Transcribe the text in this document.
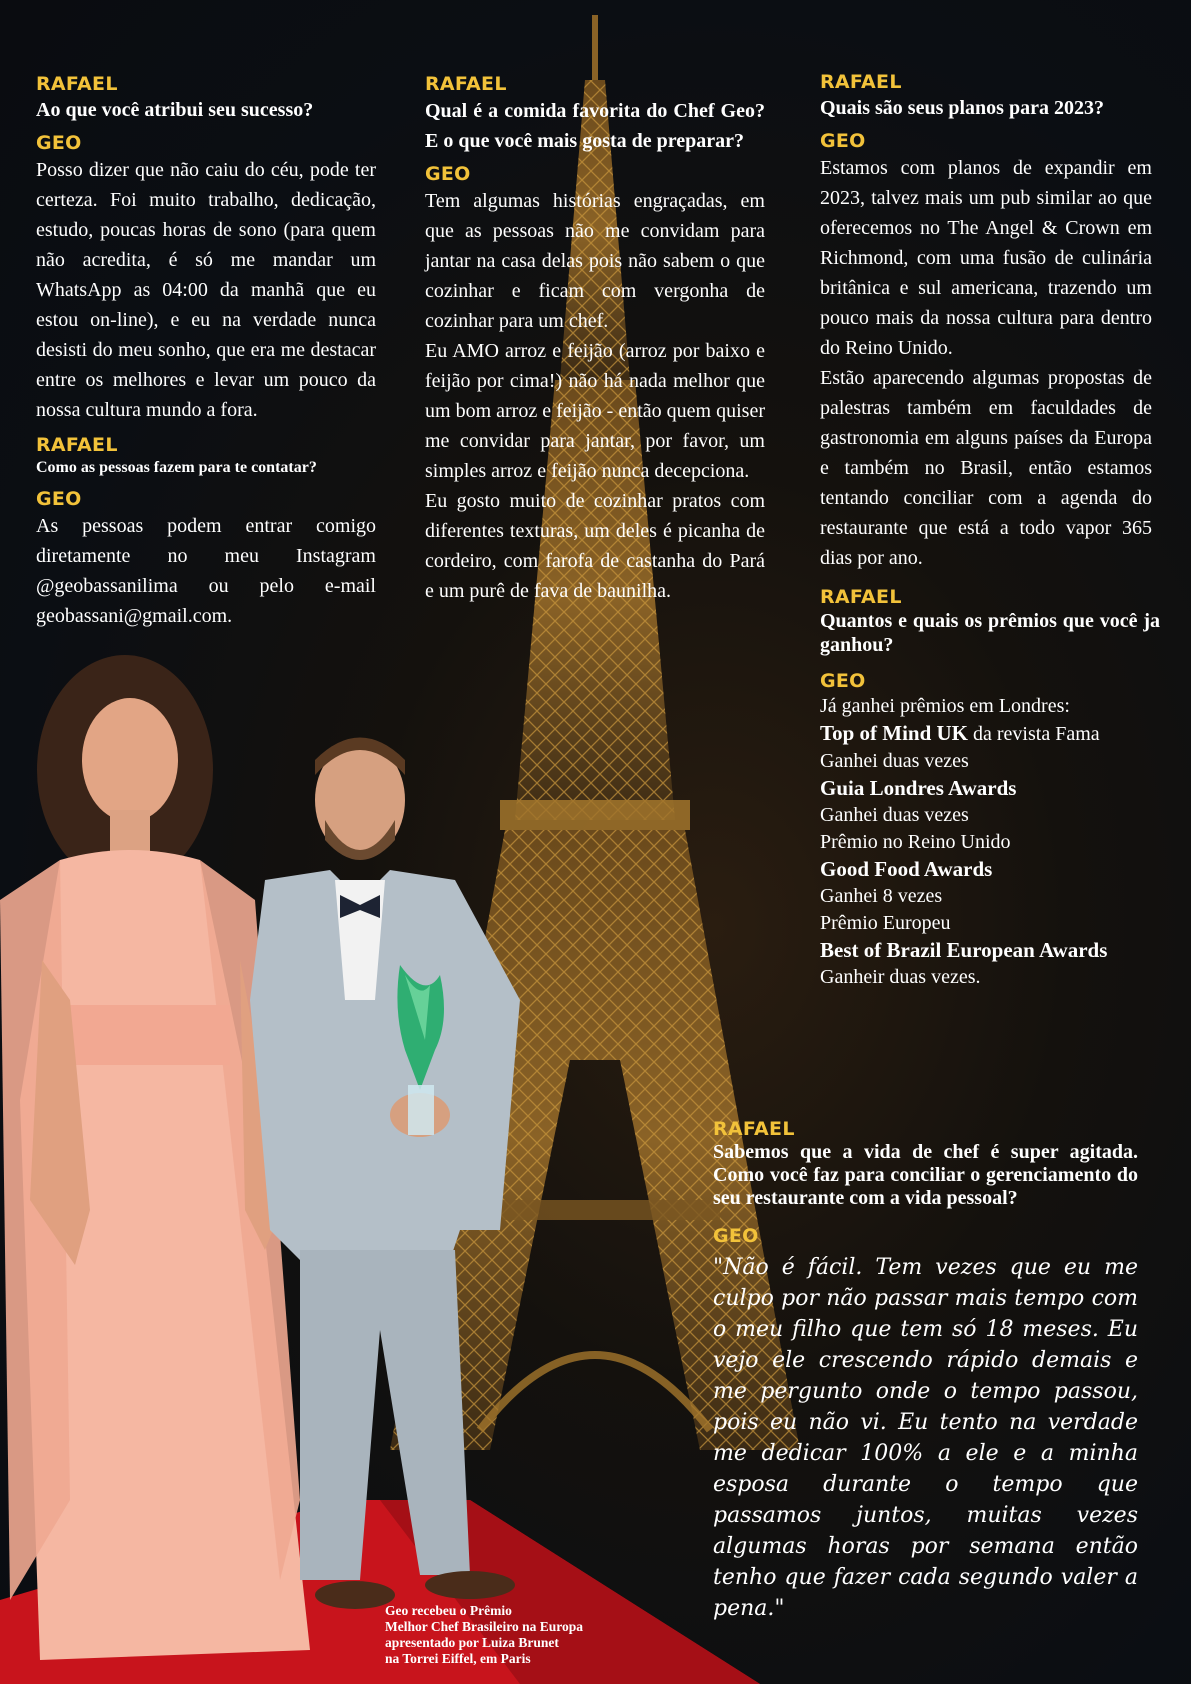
RAFAEL
Ao que você atribui seu sucesso?
GEO
Posso dizer que não caiu do céu, pode ter certeza. Foi muito trabalho, dedicação, estudo, poucas horas de sono (para quem não acredita, é só me mandar um WhatsApp as 04:00 da manhã que eu estou on-line), e eu na verdade nunca desisti do meu sonho, que era me destacar entre os melhores e levar um pouco da nossa cultura mundo a fora.
RAFAEL
Como as pessoas fazem para te contatar?
GEO
As pessoas podem entrar comigo diretamente no meu Instagram @geobassanilima ou pelo e-mail geobassani@gmail.com.
RAFAEL
Qual é a comida favorita do Chef Geo? E o que você mais gosta de preparar?
GEO
Tem algumas histórias engraçadas, em que as pessoas não me convidam para jantar na casa delas pois não sabem o que cozinhar e ficam com vergonha de cozinhar para um chef.
Eu AMO arroz e feijão (arroz por baixo e feijão por cima!) não há nada melhor que um bom arroz e feijão - então quem quiser me convidar para jantar, por favor, um simples arroz e feijão nunca decepciona.
Eu gosto muito de cozinhar pratos com diferentes texturas, um deles é picanha de cordeiro, com farofa de castanha do Pará e um purê de fava de baunilha.
RAFAEL
Quais são seus planos para 2023?
GEO
Estamos com planos de expandir em 2023, talvez mais um pub similar ao que oferecemos no The Angel & Crown em Richmond, com uma fusão de culinária britânica e sul americana, trazendo um pouco mais da nossa cultura para dentro do Reino Unido.
Estão aparecendo algumas propostas de palestras também em faculdades de gastronomia em alguns países da Europa e também no Brasil, então estamos tentando conciliar com a agenda do restaurante que está a todo vapor 365 dias por ano.
RAFAEL
Quantos e quais os prêmios que você ja ganhou?
GEO
Já ganhei prêmios em Londres:
Top of Mind UK da revista Fama
Ganhei duas vezes
Guia Londres Awards
Ganhei duas vezes
Prêmio no Reino Unido
Good Food Awards
Ganhei 8 vezes
Prêmio Europeu
Best of Brazil European Awards
Ganheir duas vezes.
RAFAEL
Sabemos que a vida de chef é super agitada. Como você faz para conciliar o gerenciamento do seu restaurante com a vida pessoal?
GEO
"Não é fácil. Tem vezes que eu me culpo por não passar mais tempo com o meu filho que tem só 18 meses. Eu vejo ele crescendo rápido demais e me pergunto onde o tempo passou, pois eu não vi. Eu tento na verdade me dedicar 100% a ele e a minha esposa durante o tempo que passamos juntos, muitas vezes algumas horas por semana então tenho que fazer cada segundo valer a pena."
Geo recebeu o Prêmio
Melhor Chef Brasileiro na Europa
apresentado por Luiza Brunet
na Torrei Eiffel, em Paris
